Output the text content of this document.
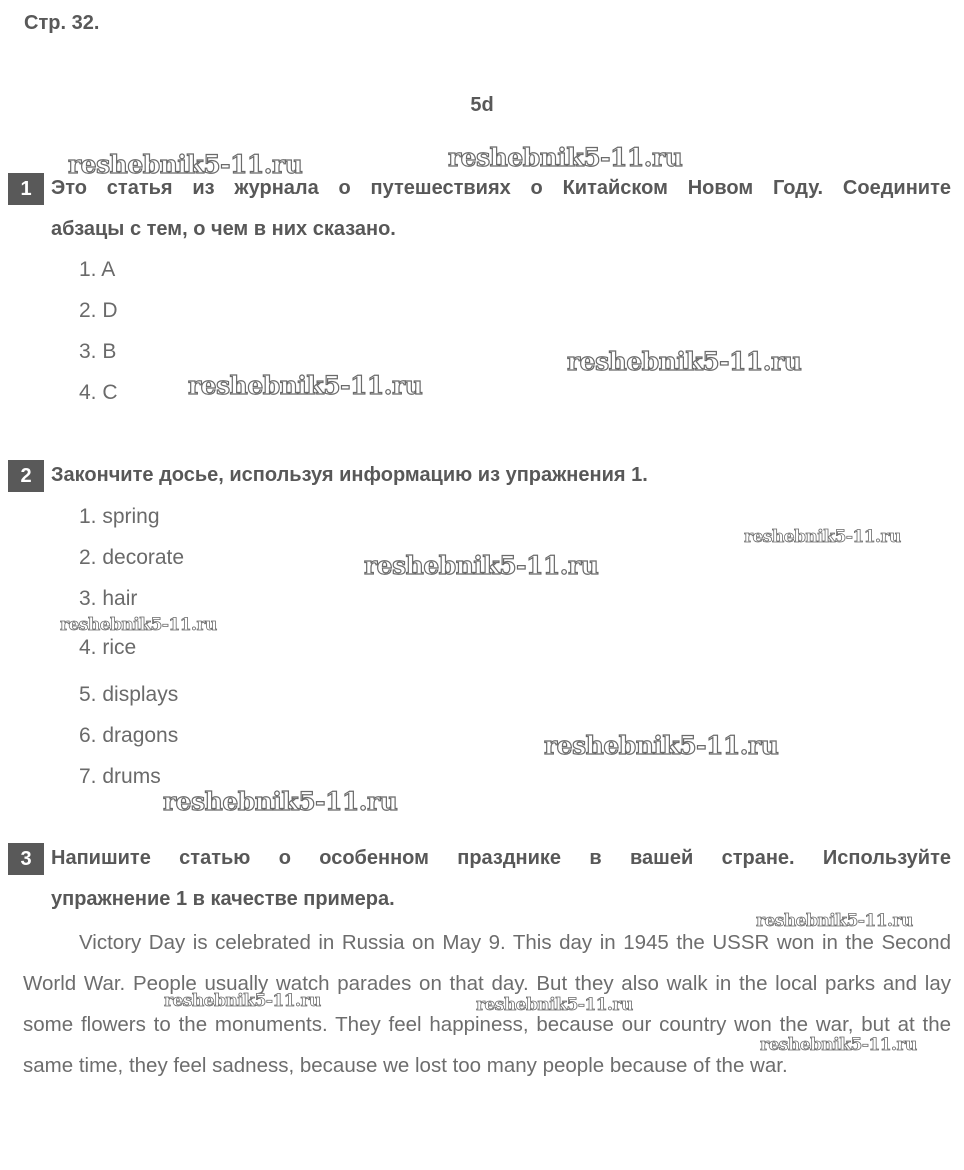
Стр. 32.
5d
1 Это статья из журнала о путешествиях о Китайском Новом Году. Соедините
абзацы с тем, о чем в них сказано.
1. A
2. D
3. B
4. C
2 Закончите досье, используя информацию из упражнения 1.
1. spring
2. decorate
3. hair
4. rice
5. displays
6. dragons
7. drums
3 Напишите статью о особенном празднике в вашей стране. Используйте
упражнение 1 в качестве примера.
Victory Day is celebrated in Russia on May 9. This day in 1945 the USSR won in the Second World War. People usually watch parades on that day. But they also walk in the local parks and lay some flowers to the monuments. They feel happiness, because our country won the war, but at the same time, they feel sadness, because we lost too many people because of the war.
reshebnik5-11.ru	reshebnik5-11.ru
reshebnik5-11.ru
reshebnik5-11.ru
reshebnik5-11.ru
reshebnik5-11.ru
reshebnik5-11.ru
reshebnik5-11.ru
reshebnik5-11.ru
reshebnik5-11.ru
reshebnik5-11.ru	reshebnik5-11.ru
reshebnik5-11.ru
